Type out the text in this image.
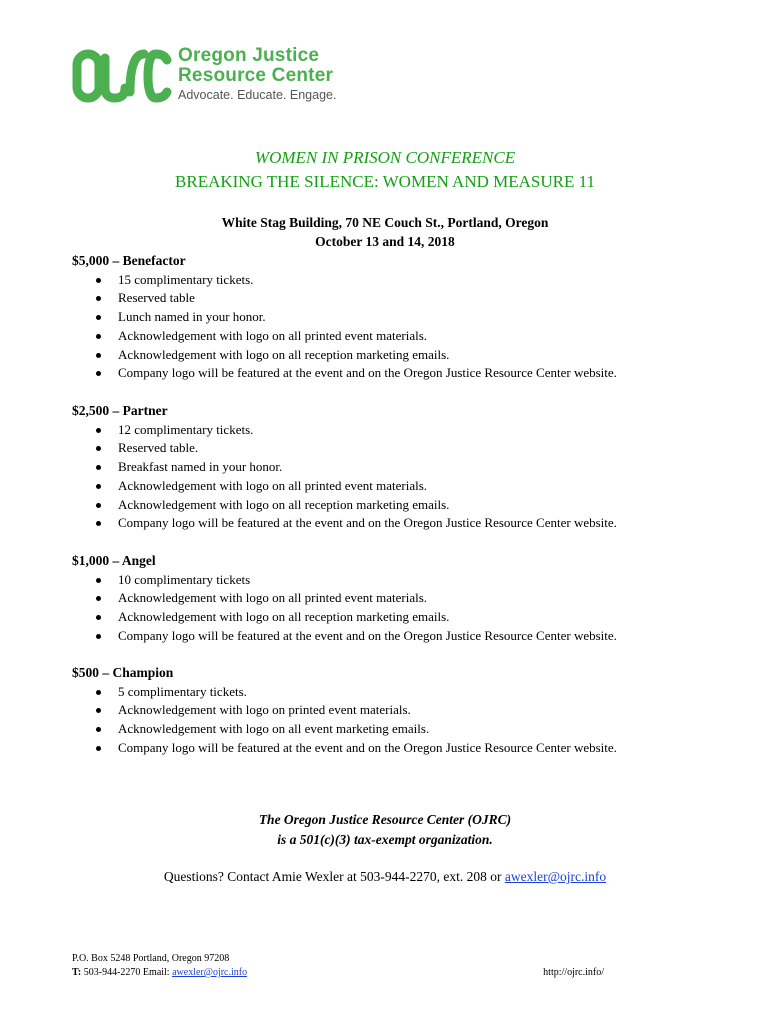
Oregon Justice
Resource Center
Advocate. Educate. Engage.
WOMEN IN PRISON CONFERENCE
BREAKING THE SILENCE: WOMEN AND MEASURE 11
White Stag Building, 70 NE Couch St., Portland, Oregon
October 13 and 14, 2018
$5,000 – Benefactor
15 complimentary tickets.
Reserved table
Lunch named in your honor.
Acknowledgement with logo on all printed event materials.
Acknowledgement with logo on all reception marketing emails.
Company logo will be featured at the event and on the Oregon Justice Resource Center website.
$2,500 – Partner
12 complimentary tickets.
Reserved table.
Breakfast named in your honor.
Acknowledgement with logo on all printed event materials.
Acknowledgement with logo on all reception marketing emails.
Company logo will be featured at the event and on the Oregon Justice Resource Center website.
$1,000 – Angel
10 complimentary tickets
Acknowledgement with logo on all printed event materials.
Acknowledgement with logo on all reception marketing emails.
Company logo will be featured at the event and on the Oregon Justice Resource Center website.
$500 – Champion
5 complimentary tickets.
Acknowledgement with logo on printed event materials.
Acknowledgement with logo on all event marketing emails.
Company logo will be featured at the event and on the Oregon Justice Resource Center website.
The Oregon Justice Resource Center (OJRC)
is a 501(c)(3) tax-exempt organization.
Questions? Contact Amie Wexler at 503-944-2270, ext. 208 or awexler@ojrc.info
P.O. Box 5248 Portland, Oregon 97208
T: 503-944-2270 Email: awexler@ojrc.info	http://ojrc.info/
